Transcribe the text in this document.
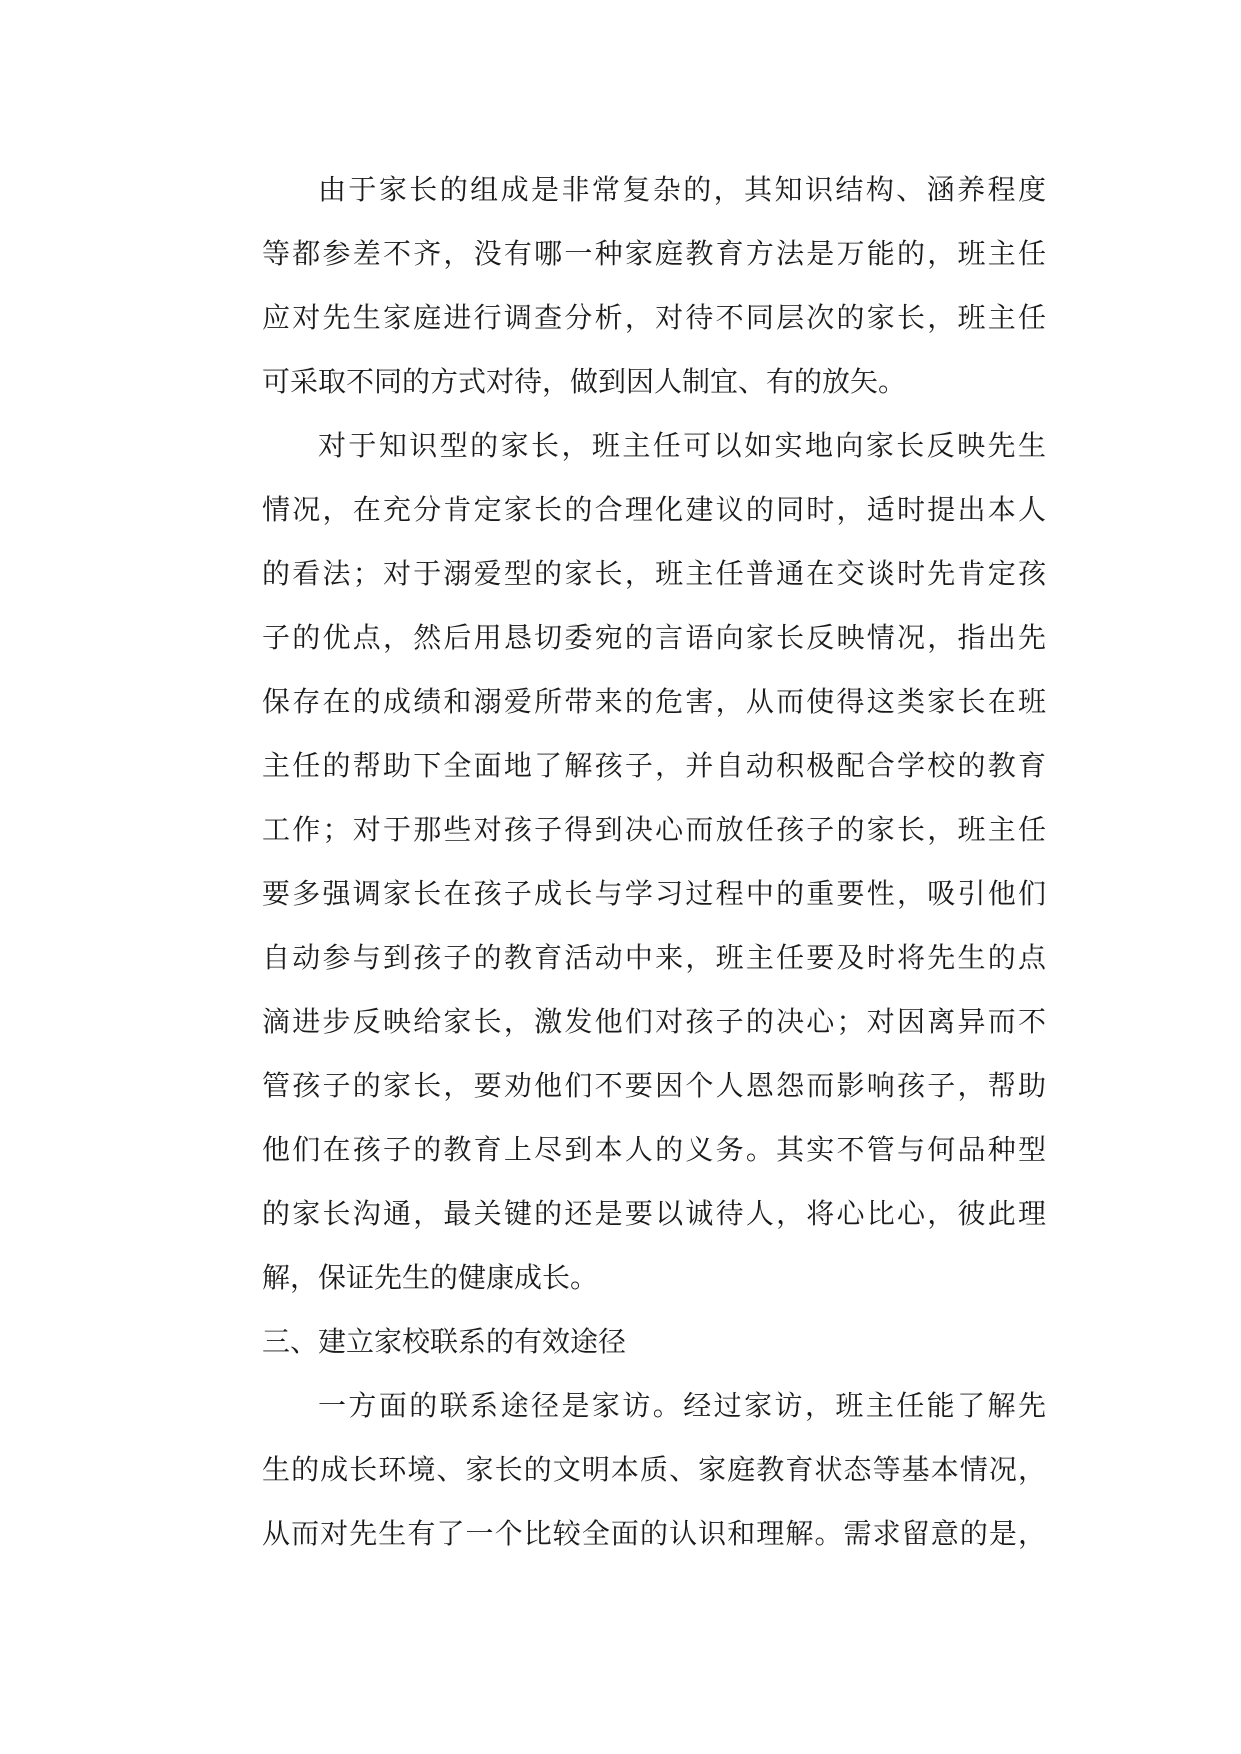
由于家长的组成是非常复杂的，其知识结构、涵养程度
等都参差不齐，没有哪一种家庭教育方法是万能的，班主任
应对先生家庭进行调查分析，对待不同层次的家长，班主任
可采取不同的方式对待，做到因人制宜、有的放矢。
对于知识型的家长，班主任可以如实地向家长反映先生
情况，在充分肯定家长的合理化建议的同时，适时提出本人
的看法；对于溺爱型的家长，班主任普通在交谈时先肯定孩
子的优点，然后用恳切委宛的言语向家长反映情况，指出先
保存在的成绩和溺爱所带来的危害，从而使得这类家长在班
主任的帮助下全面地了解孩子，并自动积极配合学校的教育
工作；对于那些对孩子得到决心而放任孩子的家长，班主任
要多强调家长在孩子成长与学习过程中的重要性，吸引他们
自动参与到孩子的教育活动中来，班主任要及时将先生的点
滴进步反映给家长，激发他们对孩子的决心；对因离异而不
管孩子的家长，要劝他们不要因个人恩怨而影响孩子，帮助
他们在孩子的教育上尽到本人的义务。其实不管与何品种型
的家长沟通，最关键的还是要以诚待人，将心比心，彼此理
解，保证先生的健康成长。
三、建立家校联系的有效途径
一方面的联系途径是家访。经过家访，班主任能了解先
生的成长环境、家长的文明本质、家庭教育状态等基本情况，
从而对先生有了一个比较全面的认识和理解。需求留意的是，
